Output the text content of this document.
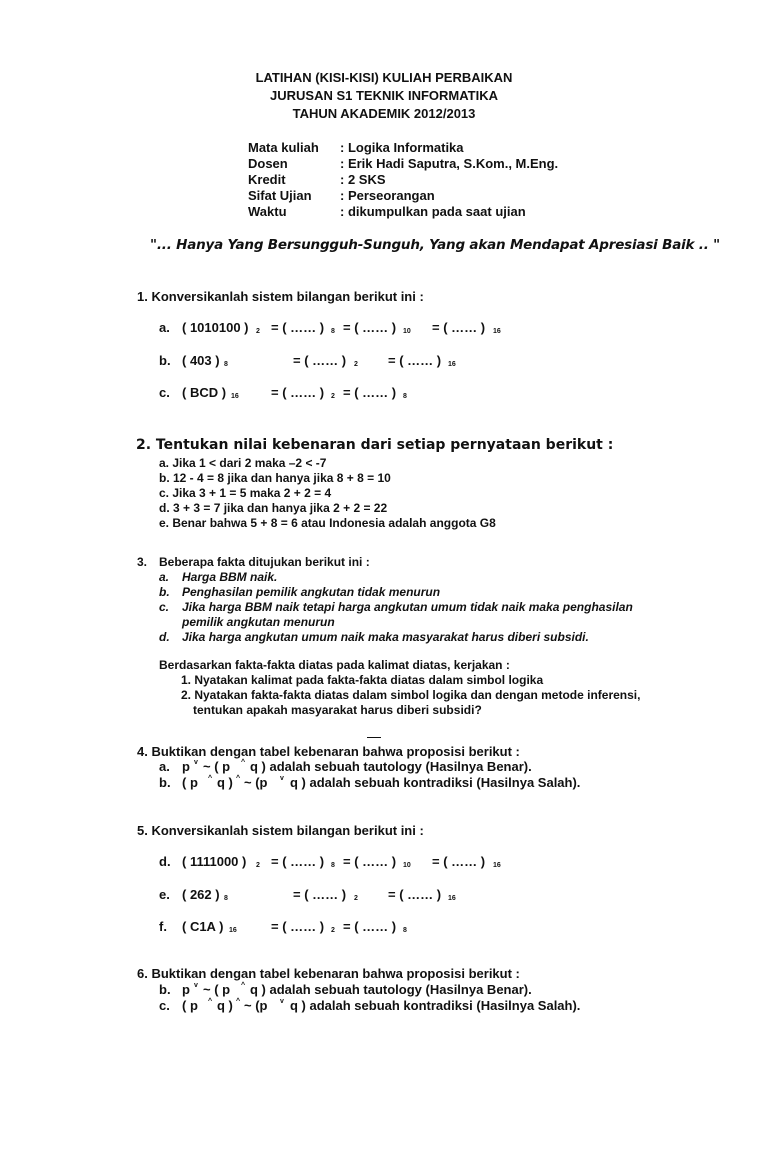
LATIHAN (KISI-KISI) KULIAH PERBAIKAN
JURUSAN S1 TEKNIK INFORMATIKA
TAHUN AKADEMIK 2012/2013
Mata kuliah : Logika Informatika
Dosen	: Erik Hadi Saputra, S.Kom., M.Eng.
Kredit	: 2 SKS
Sifat Ujian : Perseorangan
Waktu	: dikumpulkan pada saat ujian
"... Hanya Yang Bersungguh-Sunguh, Yang akan Mendapat Apresiasi Baik .. "
1. Konversikanlah sistem bilangan berikut ini :
a. ( 1010100 ) 2 = ( …… ) 8 = ( …… ) 10 = ( …… ) 16
b. ( 403 ) 8	= ( …… ) 2 = ( …… ) 16
c. ( BCD ) 16 = ( …… ) 2 = ( …… ) 8
2. Tentukan nilai kebenaran dari setiap pernyataan berikut :
a. Jika 1 < dari 2 maka –2 < -7
b. 12 - 4 = 8 jika dan hanya jika 8 + 8 = 10
c. Jika 3 + 1 = 5 maka 2 + 2 = 4
d. 3 + 3 = 7 jika dan hanya jika 2 + 2 = 22
e. Benar bahwa 5 + 8 = 6 atau Indonesia adalah anggota G8
3. Beberapa fakta ditujukan berikut ini :
a. Harga BBM naik.
b. Penghasilan pemilik angkutan tidak menurun
c. Jika harga BBM naik tetapi harga angkutan umum tidak naik maka penghasilan
pemilik angkutan menurun
d. Jika harga angkutan umum naik maka masyarakat harus diberi subsidi.
Berdasarkan fakta-fakta diatas pada kalimat diatas, kerjakan :
1. Nyatakan kalimat pada fakta-fakta diatas dalam simbol logika
2. Nyatakan fakta-fakta diatas dalam simbol logika dan dengan metode inferensi,
tentukan apakah masyarakat harus diberi subsidi?
4. Buktikan dengan tabel kebenaran bahwa proposisi berikut :
a. p v ~ ( p ^ q ) adalah sebuah tautology (Hasilnya Benar).
b. ( p ^ q ) ^ ~ (p v q ) adalah sebuah kontradiksi (Hasilnya Salah).
5. Konversikanlah sistem bilangan berikut ini :
d. ( 1111000 ) 2 = ( …… ) 8 = ( …… ) 10 = ( …… ) 16
e. ( 262 ) 8	= ( …… ) 2 = ( …… ) 16
f. ( C1A ) 16	= ( …… ) 2 = ( …… ) 8
6. Buktikan dengan tabel kebenaran bahwa proposisi berikut :
b. p v ~ ( p ^ q ) adalah sebuah tautology (Hasilnya Benar).
c. ( p ^ q ) ^ ~ (p v q ) adalah sebuah kontradiksi (Hasilnya Salah).
